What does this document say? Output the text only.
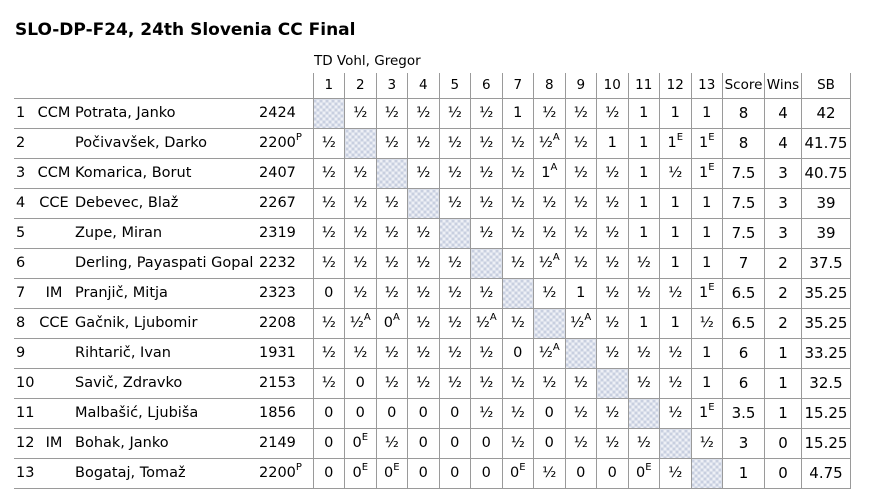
SLO-DP-F24, 24th Slovenia CC Final
TD Vohl, Gregor
				1	2	3	4	5	6	7	8	9	10	11	12	13	Score	Wins	SB
1	CCM	Potrata, Janko	2424		½	½	½	½	½	1	½	½	½	1	1	1	8	4	42
2		Počivavšek, Darko	$2200^P$	½		½	½	½	½	½	½$^A$	½	1	1	$1^E$	$1^E$	8	4	41.75
3	CCM	Komarica, Borut	2407	½	½		½	½	½	½	$1^A$	½	½	1	½	$1^E$	7.5	3	40.75
4	CCE	Debevec, Blaž	2267	½	½	½		½	½	½	½	½	½	1	1	1	7.5	3	39
5		Zupe, Miran	2319	½	½	½	½		½	½	½	½	½	1	1	1	7.5	3	39
6		Derling, Payaspati Gopal	2232	½	½	½	½	½		½	½$^A$	½	½	½	1	1	7	2	37.5
7	IM	Pranjič, Mitja	2323	0	½	½	½	½	½		½	1	½	½	½	$1^E$	6.5	2	35.25
8	CCE	Gačnik, Ljubomir	2208	½	½$^A$	$0^A$	½	½	½$^A$	½		½$^A$	½	1	1	½	6.5	2	35.25
9		Rihtarič, Ivan	1931	½	½	½	½	½	½	0	½$^A$		½	½	½	1	6	1	33.25
10		Savič, Zdravko	2153	½	0	½	½	½	½	½	½	½		½	½	1	6	1	32.5
11		Malbašić, Ljubiša	1856	0	0	0	0	0	½	½	0	½	½		½	$1^E$	3.5	1	15.25
12	IM	Bohak, Janko	2149	0	$0^E$	½	0	0	0	½	0	½	½	½		½	3	0	15.25
13		Bogataj, Tomaž	$2200^P$	0	$0^E$	$0^E$	0	0	0	$0^E$	½	0	0	$0^E$	½		1	0	4.75
